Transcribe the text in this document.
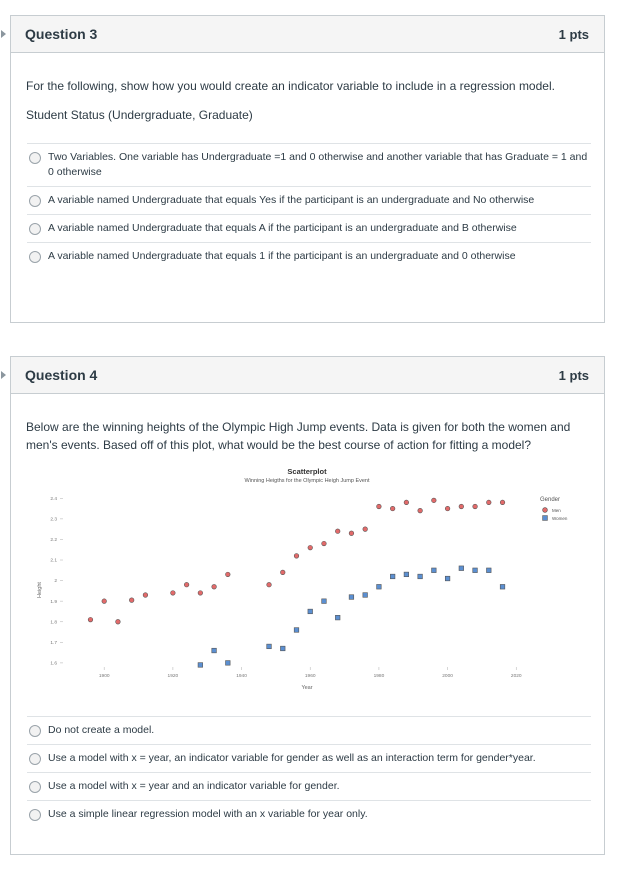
Question 3	1 pts
For the following, show how you would create an indicator variable to include in a regression model.
Student Status (Undergraduate, Graduate)
Two Variables. One variable has Undergraduate =1 and 0 otherwise and another variable that has Graduate = 1 and 0 otherwise
A variable named Undergraduate that equals Yes if the participant is an undergraduate and No otherwise
A variable named Undergraduate that equals A if the participant is an undergraduate and B otherwise
A variable named Undergraduate that equals 1 if the participant is an undergraduate and 0 otherwise
Question 4	1 pts
Below are the winning heights of the Olympic High Jump events. Data is given for both the women and men's events. Based off of this plot, what would be the best course of action for fitting a model?
Scatterplot
Winning Heigths for the Olympic Heigh Jump Event
1900	1920	1940	1960	1980	2000	2020
1.6
1.7
1.8
1.9
2
2.1
2.2
2.3
2.4
Year
Height
Gender
Men
Women
Do not create a model.
Use a model with x = year, an indicator variable for gender as well as an interaction term for gender*year.
Use a model with x = year and an indicator variable for gender.
Use a simple linear regression model with an x variable for year only.
